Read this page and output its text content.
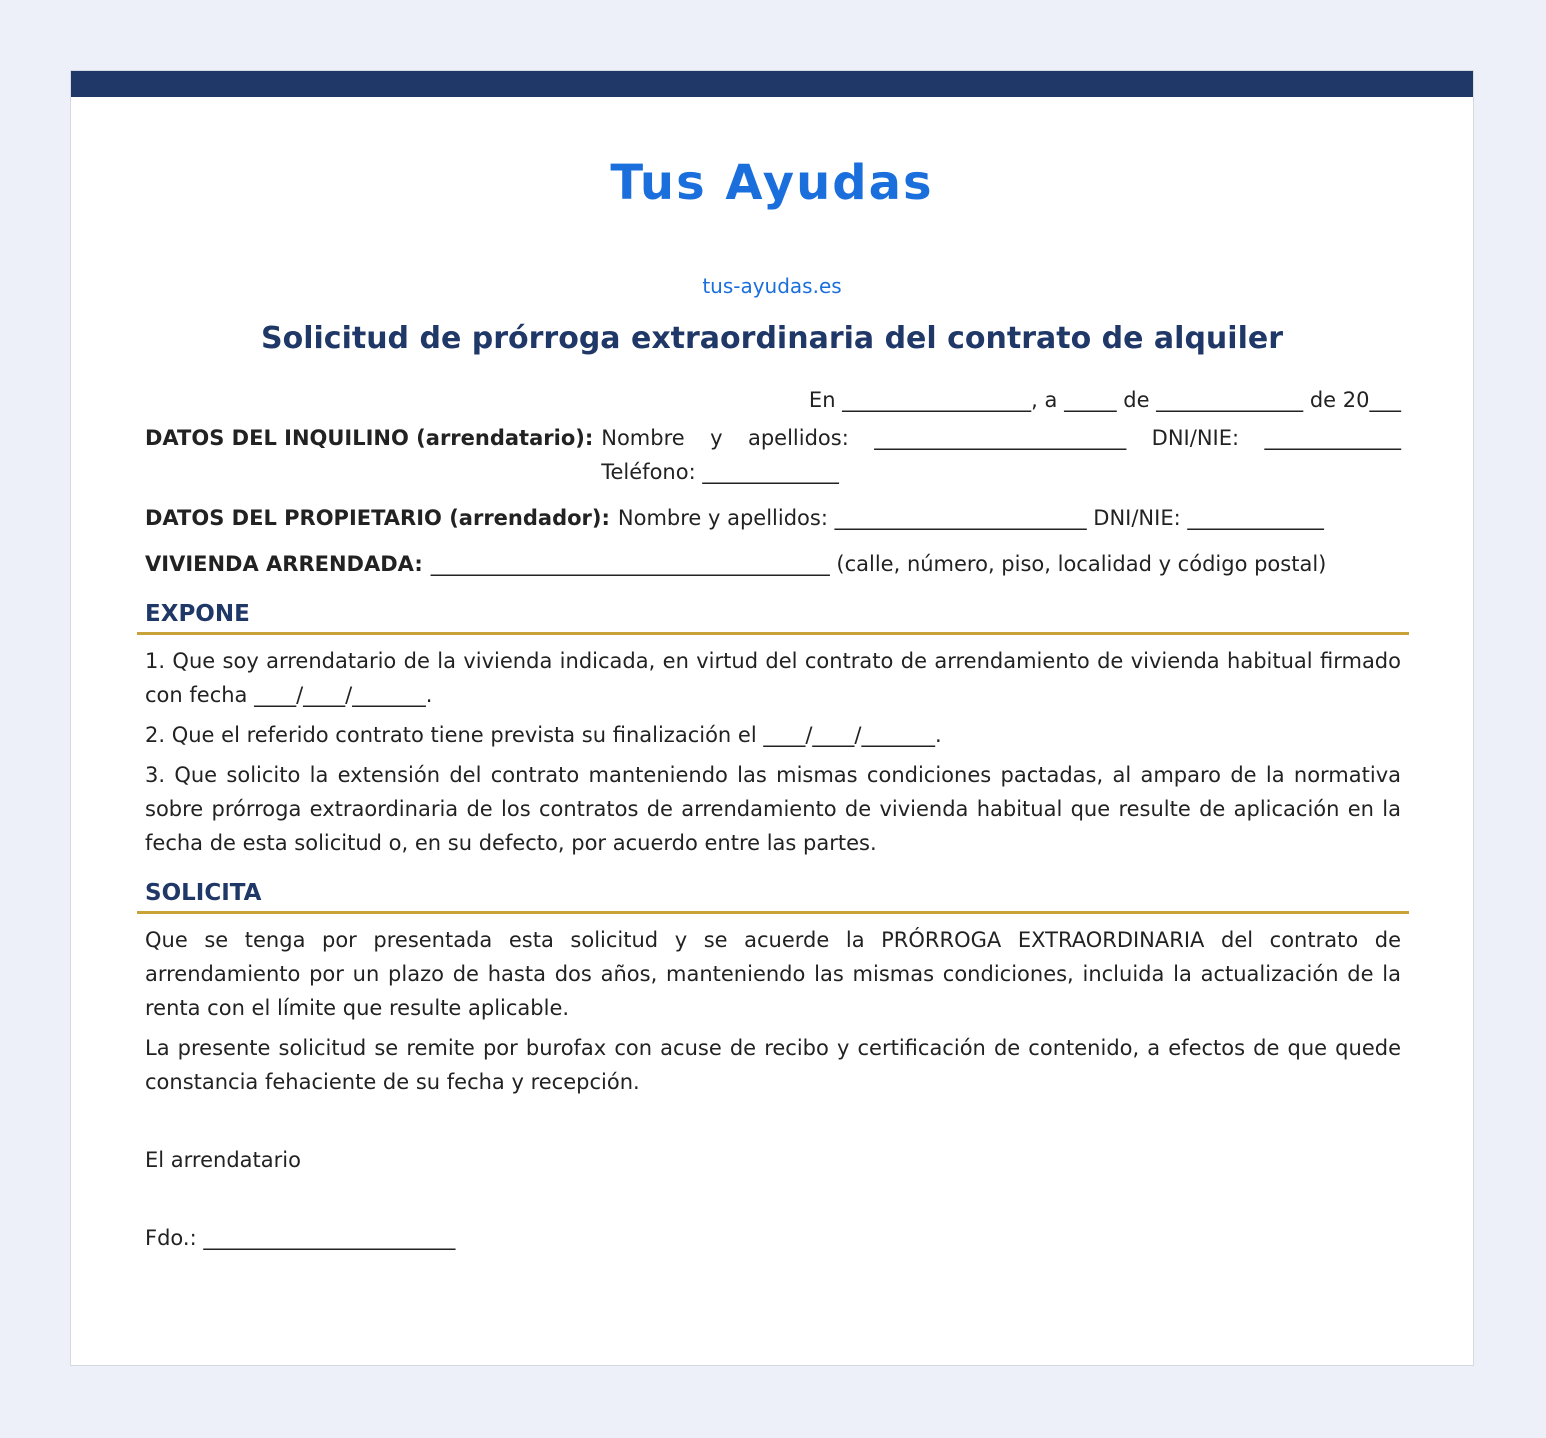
Tus Ayudas
tus-ayudas.es
Solicitud de prórroga extraordinaria del contrato de alquiler
En __________________, a _____ de ______________ de 20___
DATOS DEL INQUILINO (arrendatario): Nombre y apellidos: ________________________ DNI/NIE: _____________ Teléfono: _____________
DATOS DEL PROPIETARIO (arrendador): Nombre y apellidos: ________________________ DNI/NIE: _____________
VIVIENDA ARRENDADA: ______________________________________ (calle, número, piso, localidad y código postal)
EXPONE

1. Que soy arrendatario de la vivienda indicada, en virtud del contrato de arrendamiento de vivienda habitual firmado con fecha ____/____/_______.

2. Que el referido contrato tiene prevista su finalización el ____/____/_______.

3. Que solicito la extensión del contrato manteniendo las mismas condiciones pactadas, al amparo de la normativa sobre prórroga extraordinaria de los contratos de arrendamiento de vivienda habitual que resulte de aplicación en la fecha de esta solicitud o, en su defecto, por acuerdo entre las partes.

SOLICITA

Que se tenga por presentada esta solicitud y se acuerde la PRÓRROGA EXTRAORDINARIA del contrato de arrendamiento por un plazo de hasta dos años, manteniendo las mismas condiciones, incluida la actualización de la renta con el límite que resulte aplicable.

La presente solicitud se remite por burofax con acuse de recibo y certificación de contenido, a efectos de que quede constancia fehaciente de su fecha y recepción.

El arrendatario
Fdo.: ________________________
